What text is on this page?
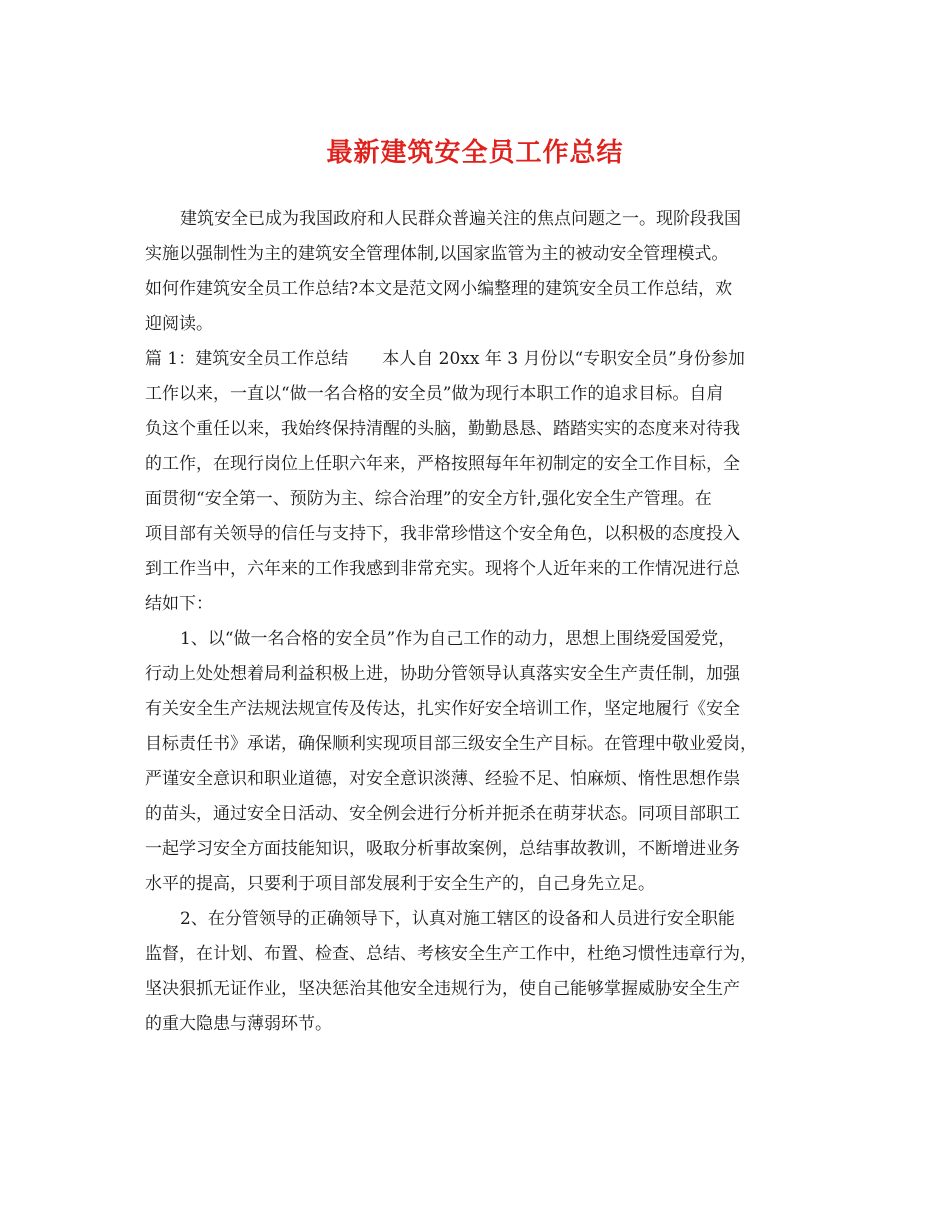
最新建筑安全员工作总结
建筑安全已成为我国政府和人民群众普遍关注的焦点问题之一。现阶段我国
实施以强制性为主的建筑安全管理体制,以国家监管为主的被动安全管理模式。
如何作建筑安全员工作总结?本文是范文网小编整理的建筑安全员工作总结，欢
迎阅读。
篇 1：建筑安全员工作总结　　本人自 20xx 年 3 月份以“专职安全员”身份参加
工作以来，一直以“做一名合格的安全员”做为现行本职工作的追求目标。自肩
负这个重任以来，我始终保持清醒的头脑，勤勤恳恳、踏踏实实的态度来对待我
的工作，在现行岗位上任职六年来，严格按照每年年初制定的安全工作目标，全
面贯彻“安全第一、预防为主、综合治理”的安全方针,强化安全生产管理。在
项目部有关领导的信任与支持下，我非常珍惜这个安全角色，以积极的态度投入
到工作当中，六年来的工作我感到非常充实。现将个人近年来的工作情况进行总
结如下：
1、以“做一名合格的安全员”作为自己工作的动力，思想上围绕爱国爱党，
行动上处处想着局利益积极上进，协助分管领导认真落实安全生产责任制，加强
有关安全生产法规法规宣传及传达，扎实作好安全培训工作，坚定地履行《安全
目标责任书》承诺，确保顺利实现项目部三级安全生产目标。在管理中敬业爱岗，
严谨安全意识和职业道德，对安全意识淡薄、经验不足、怕麻烦、惰性思想作祟
的苗头，通过安全日活动、安全例会进行分析并扼杀在萌芽状态。同项目部职工
一起学习安全方面技能知识，吸取分析事故案例，总结事故教训，不断增进业务
水平的提高，只要利于项目部发展利于安全生产的，自己身先立足。
2、在分管领导的正确领导下，认真对施工辖区的设备和人员进行安全职能
监督，在计划、布置、检查、总结、考核安全生产工作中，杜绝习惯性违章行为，
坚决狠抓无证作业，坚决惩治其他安全违规行为，使自己能够掌握威胁安全生产
的重大隐患与薄弱环节。
